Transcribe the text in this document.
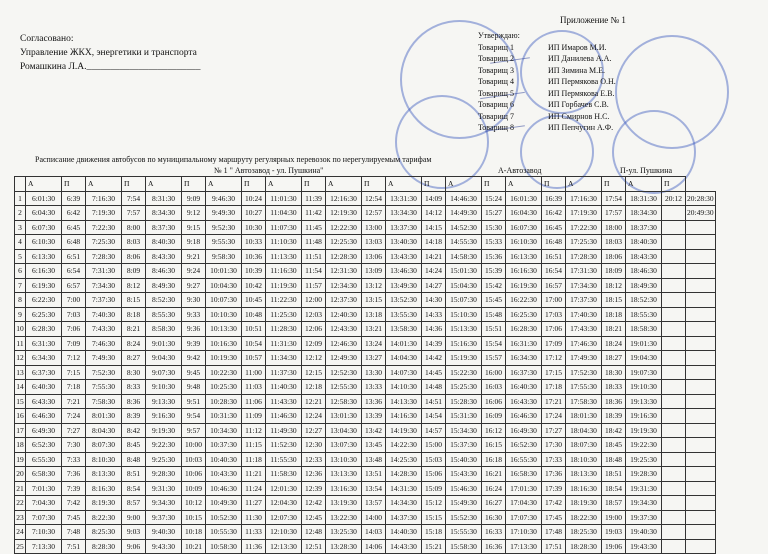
Приложение № 1
Согласовано:
Управление ЖКХ, энергетики и транспорта
Ромашкина Л.А.________________________
Утверждаю:
Товарищ 1	ИП Имаров М.И.
Товарищ 2	ИП Данилева А.А.
Товарищ 3	ИП Зимина М.Е.
Товарищ 4	ИП Пермякова О.Н.
Товарищ 5	ИП Пермякова Е.В.
Товарищ 6	ИП Горбачев С.В.
Товарищ 7	ИП Смирнов Н.С.
Товарищ 8	ИП Пепчугин А.Ф.
Расписание движения автобусов по муниципальному маршруту регулярных перевозок по нерегулируемым тарифам
№ 1 " Автозавод - ул. Пушкина"	А-Автозавод	П-ул. Пушкина
	А	П	А	П	А	П	А	П	А	П	А	П	А	П	А	П	А	П	А	П	А	П	
1	6:01:30	6:39	7:16:30	7:54	8:31:30	9:09	9:46:30	10:24	11:01:30	11:39	12:16:30	12:54	13:31:30	14:09	14:46:30	15:24	16:01:30	16:39	17:16:30	17:54	18:31:30	20:12	20:28:30
2	6:04:30	6:42	7:19:30	7:57	8:34:30	9:12	9:49:30	10:27	11:04:30	11:42	12:19:30	12:57	13:34:30	14:12	14:49:30	15:27	16:04:30	16:42	17:19:30	17:57	18:34:30		20:49:30
3	6:07:30	6:45	7:22:30	8:00	8:37:30	9:15	9:52:30	10:30	11:07:30	11:45	12:22:30	13:00	13:37:30	14:15	14:52:30	15:30	16:07:30	16:45	17:22:30	18:00	18:37:30		
4	6:10:30	6:48	7:25:30	8:03	8:40:30	9:18	9:55:30	10:33	11:10:30	11:48	12:25:30	13:03	13:40:30	14:18	14:55:30	15:33	16:10:30	16:48	17:25:30	18:03	18:40:30		
5	6:13:30	6:51	7:28:30	8:06	8:43:30	9:21	9:58:30	10:36	11:13:30	11:51	12:28:30	13:06	13:43:30	14:21	14:58:30	15:36	16:13:30	16:51	17:28:30	18:06	18:43:30		
6	6:16:30	6:54	7:31:30	8:09	8:46:30	9:24	10:01:30	10:39	11:16:30	11:54	12:31:30	13:09	13:46:30	14:24	15:01:30	15:39	16:16:30	16:54	17:31:30	18:09	18:46:30		
7	6:19:30	6:57	7:34:30	8:12	8:49:30	9:27	10:04:30	10:42	11:19:30	11:57	12:34:30	13:12	13:49:30	14:27	15:04:30	15:42	16:19:30	16:57	17:34:30	18:12	18:49:30		
8	6:22:30	7:00	7:37:30	8:15	8:52:30	9:30	10:07:30	10:45	11:22:30	12:00	12:37:30	13:15	13:52:30	14:30	15:07:30	15:45	16:22:30	17:00	17:37:30	18:15	18:52:30		
9	6:25:30	7:03	7:40:30	8:18	8:55:30	9:33	10:10:30	10:48	11:25:30	12:03	12:40:30	13:18	13:55:30	14:33	15:10:30	15:48	16:25:30	17:03	17:40:30	18:18	18:55:30		
10	6:28:30	7:06	7:43:30	8:21	8:58:30	9:36	10:13:30	10:51	11:28:30	12:06	12:43:30	13:21	13:58:30	14:36	15:13:30	15:51	16:28:30	17:06	17:43:30	18:21	18:58:30		
11	6:31:30	7:09	7:46:30	8:24	9:01:30	9:39	10:16:30	10:54	11:31:30	12:09	12:46:30	13:24	14:01:30	14:39	15:16:30	15:54	16:31:30	17:09	17:46:30	18:24	19:01:30		
12	6:34:30	7:12	7:49:30	8:27	9:04:30	9:42	10:19:30	10:57	11:34:30	12:12	12:49:30	13:27	14:04:30	14:42	15:19:30	15:57	16:34:30	17:12	17:49:30	18:27	19:04:30		
13	6:37:30	7:15	7:52:30	8:30	9:07:30	9:45	10:22:30	11:00	11:37:30	12:15	12:52:30	13:30	14:07:30	14:45	15:22:30	16:00	16:37:30	17:15	17:52:30	18:30	19:07:30		
14	6:40:30	7:18	7:55:30	8:33	9:10:30	9:48	10:25:30	11:03	11:40:30	12:18	12:55:30	13:33	14:10:30	14:48	15:25:30	16:03	16:40:30	17:18	17:55:30	18:33	19:10:30		
15	6:43:30	7:21	7:58:30	8:36	9:13:30	9:51	10:28:30	11:06	11:43:30	12:21	12:58:30	13:36	14:13:30	14:51	15:28:30	16:06	16:43:30	17:21	17:58:30	18:36	19:13:30		
16	6:46:30	7:24	8:01:30	8:39	9:16:30	9:54	10:31:30	11:09	11:46:30	12:24	13:01:30	13:39	14:16:30	14:54	15:31:30	16:09	16:46:30	17:24	18:01:30	18:39	19:16:30		
17	6:49:30	7:27	8:04:30	8:42	9:19:30	9:57	10:34:30	11:12	11:49:30	12:27	13:04:30	13:42	14:19:30	14:57	15:34:30	16:12	16:49:30	17:27	18:04:30	18:42	19:19:30		
18	6:52:30	7:30	8:07:30	8:45	9:22:30	10:00	10:37:30	11:15	11:52:30	12:30	13:07:30	13:45	14:22:30	15:00	15:37:30	16:15	16:52:30	17:30	18:07:30	18:45	19:22:30		
19	6:55:30	7:33	8:10:30	8:48	9:25:30	10:03	10:40:30	11:18	11:55:30	12:33	13:10:30	13:48	14:25:30	15:03	15:40:30	16:18	16:55:30	17:33	18:10:30	18:48	19:25:30		
20	6:58:30	7:36	8:13:30	8:51	9:28:30	10:06	10:43:30	11:21	11:58:30	12:36	13:13:30	13:51	14:28:30	15:06	15:43:30	16:21	16:58:30	17:36	18:13:30	18:51	19:28:30		
21	7:01:30	7:39	8:16:30	8:54	9:31:30	10:09	10:46:30	11:24	12:01:30	12:39	13:16:30	13:54	14:31:30	15:09	15:46:30	16:24	17:01:30	17:39	18:16:30	18:54	19:31:30		
22	7:04:30	7:42	8:19:30	8:57	9:34:30	10:12	10:49:30	11:27	12:04:30	12:42	13:19:30	13:57	14:34:30	15:12	15:49:30	16:27	17:04:30	17:42	18:19:30	18:57	19:34:30		
23	7:07:30	7:45	8:22:30	9:00	9:37:30	10:15	10:52:30	11:30	12:07:30	12:45	13:22:30	14:00	14:37:30	15:15	15:52:30	16:30	17:07:30	17:45	18:22:30	19:00	19:37:30		
24	7:10:30	7:48	8:25:30	9:03	9:40:30	10:18	10:55:30	11:33	12:10:30	12:48	13:25:30	14:03	14:40:30	15:18	15:55:30	16:33	17:10:30	17:48	18:25:30	19:03	19:40:30		
25	7:13:30	7:51	8:28:30	9:06	9:43:30	10:21	10:58:30	11:36	12:13:30	12:51	13:28:30	14:06	14:43:30	15:21	15:58:30	16:36	17:13:30	17:51	18:28:30	19:06	19:43:30		
